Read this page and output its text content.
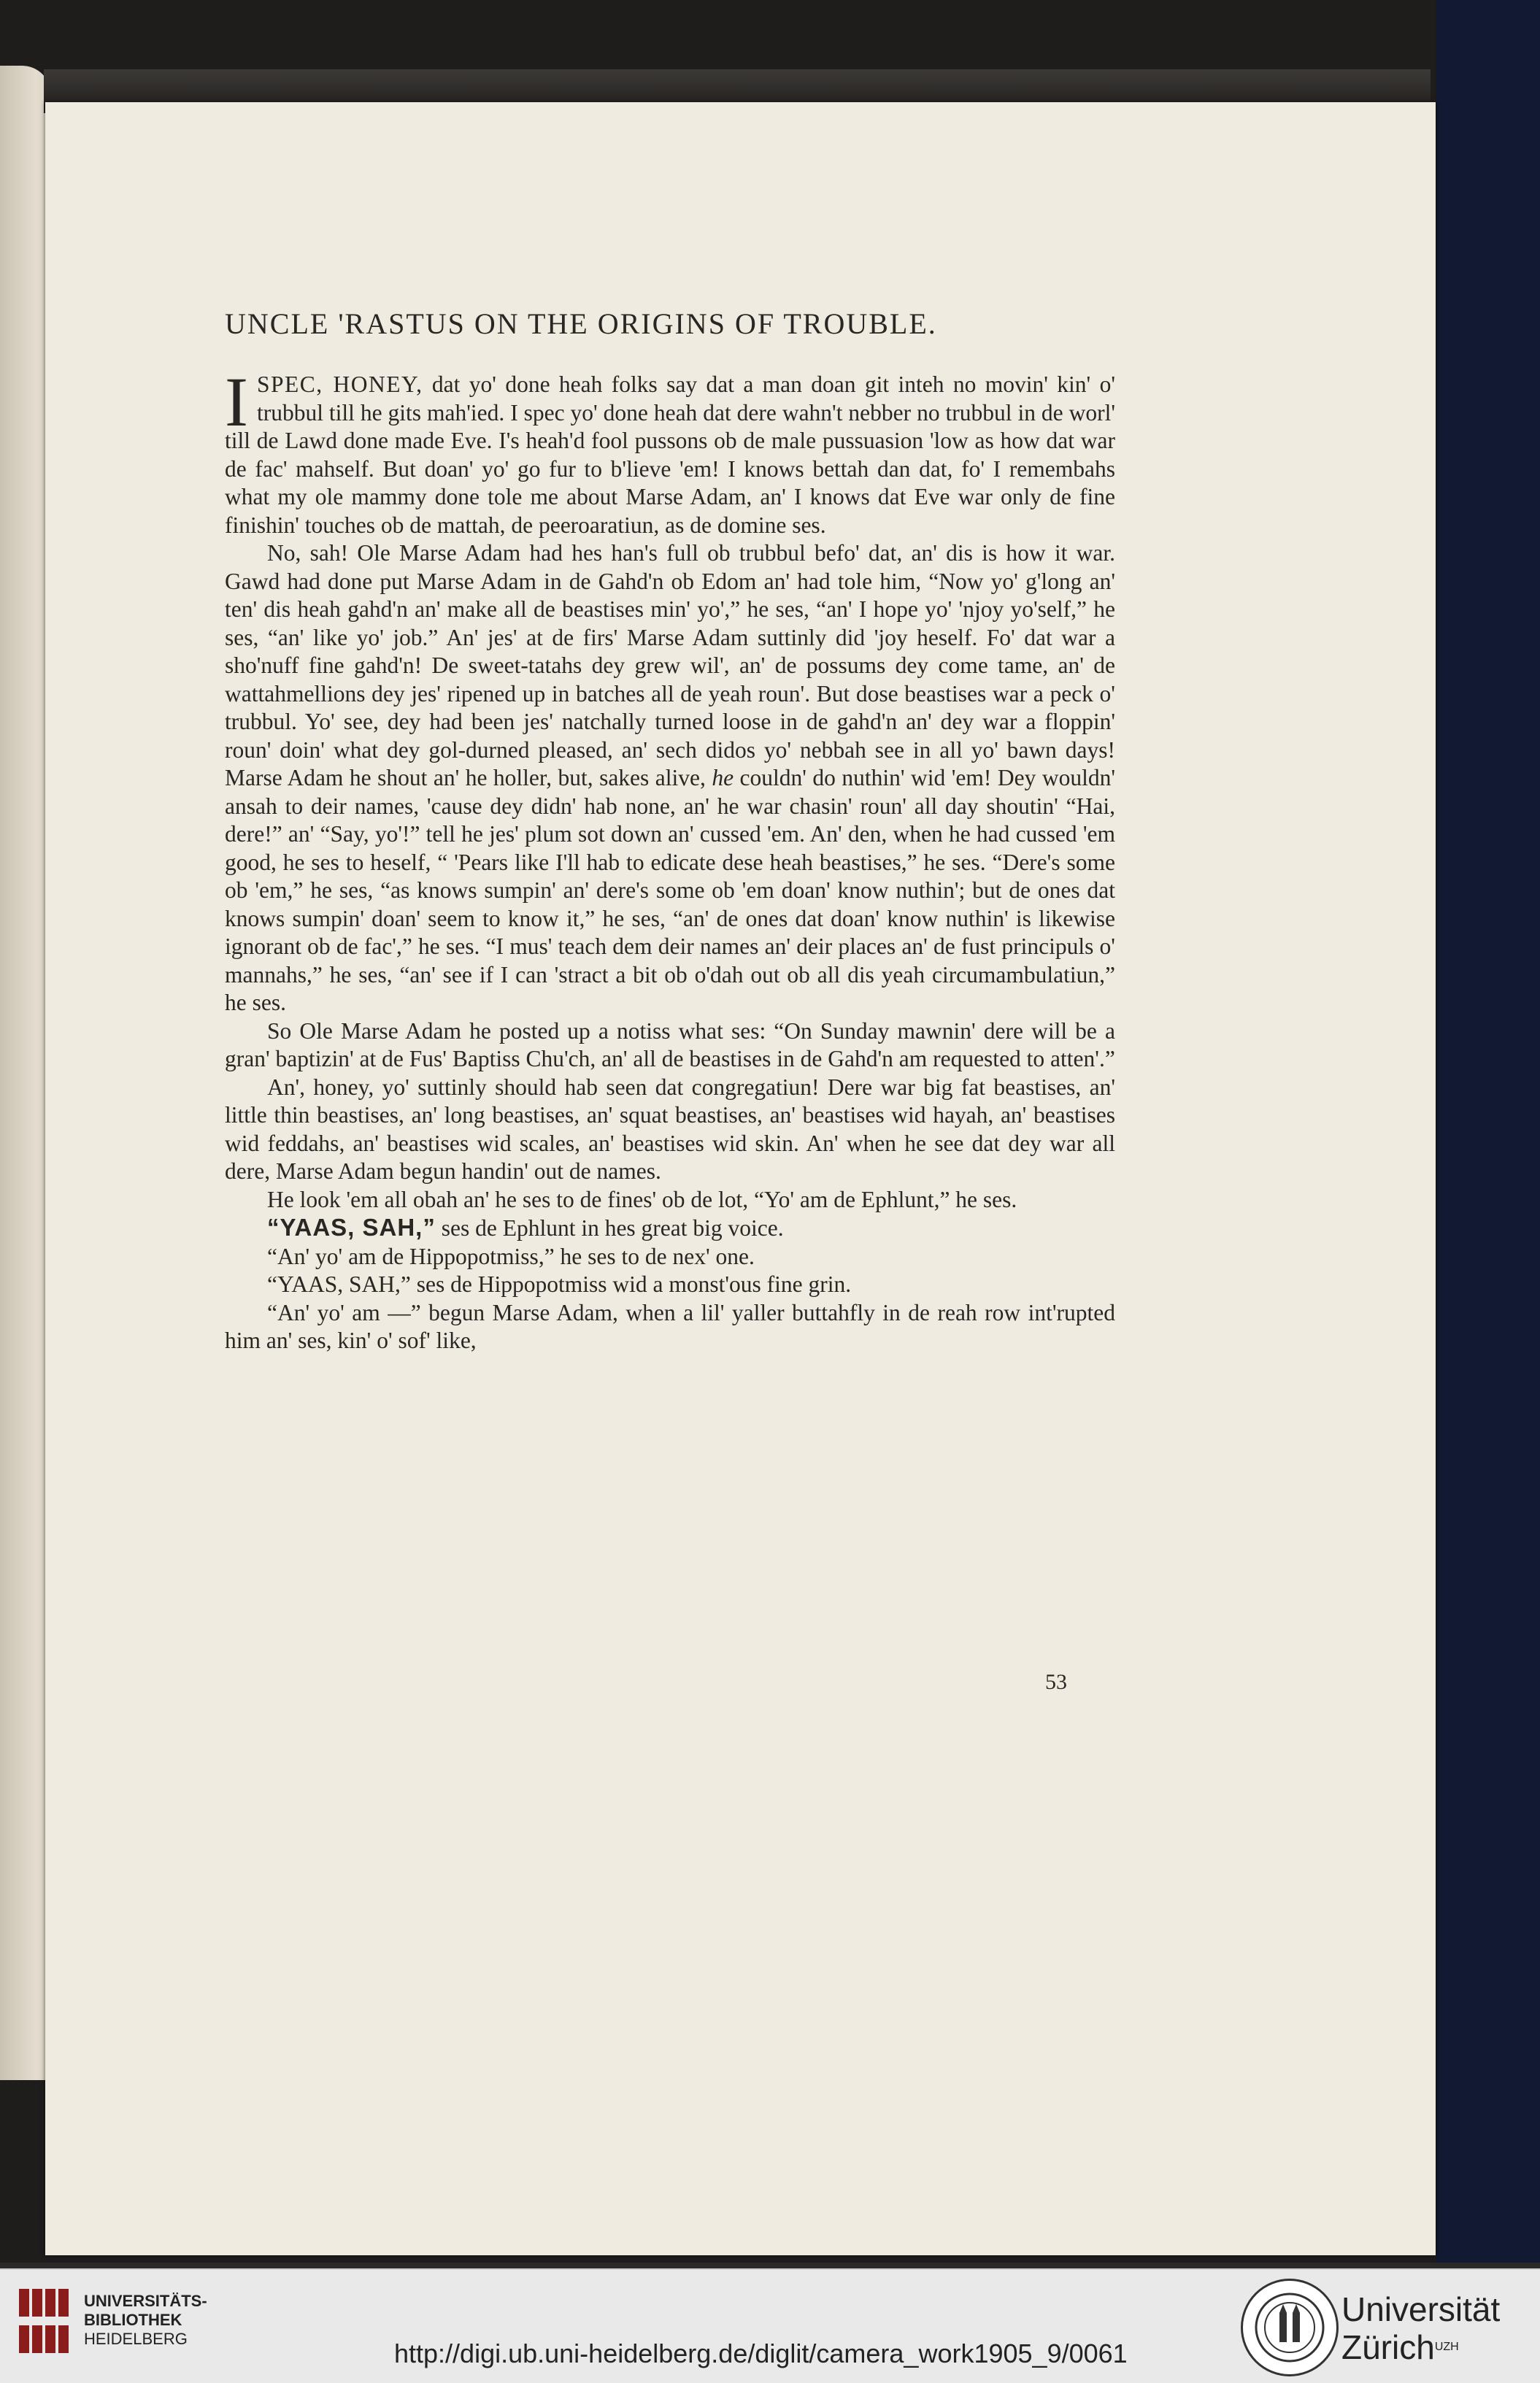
UNCLE 'RASTUS ON THE ORIGINS OF TROUBLE.

ISPEC, HONEY, dat yo' done heah folks say dat a man doan git inteh no movin' kin' o' trubbul till he gits mah'ied. I spec yo' done heah dat dere wahn't nebber no trubbul in de worl' till de Lawd done made Eve. I's heah'd fool pussons ob de male pussuasion 'low as how dat war de fac' mahself. But doan' yo' go fur to b'lieve 'em! I knows bettah dan dat, fo' I remembahs what my ole mammy done tole me about Marse Adam, an' I knows dat Eve war only de fine finishin' touches ob de mattah, de peeroaratiun, as de domine ses.

No, sah! Ole Marse Adam had hes han's full ob trubbul befo' dat, an' dis is how it war. Gawd had done put Marse Adam in de Gahd'n ob Edom an' had tole him, “Now yo' g'long an' ten' dis heah gahd'n an' make all de beastises min' yo',” he ses, “an' I hope yo' 'njoy yo'self,” he ses, “an' like yo' job.” An' jes' at de firs' Marse Adam suttinly did 'joy heself. Fo' dat war a sho'nuff fine gahd'n! De sweet-tatahs dey grew wil', an' de possums dey come tame, an' de wattahmellions dey jes' ripened up in batches all de yeah roun'. But dose beastises war a peck o' trubbul. Yo' see, dey had been jes' natchally turned loose in de gahd'n an' dey war a floppin' roun' doin' what dey gol-durned pleased, an' sech didos yo' nebbah see in all yo' bawn days! Marse Adam he shout an' he holler, but, sakes alive, he couldn' do nuthin' wid 'em! Dey wouldn' ansah to deir names, 'cause dey didn' hab none, an' he war chasin' roun' all day shoutin' “Hai, dere!” an' “Say, yo'!” tell he jes' plum sot down an' cussed 'em. An' den, when he had cussed 'em good, he ses to heself, “ 'Pears like I'll hab to edicate dese heah beastises,” he ses. “Dere's some ob 'em,” he ses, “as knows sumpin' an' dere's some ob 'em doan' know nuthin'; but de ones dat knows sumpin' doan' seem to know it,” he ses, “an' de ones dat doan' know nuthin' is likewise ignorant ob de fac',” he ses. “I mus' teach dem deir names an' deir places an' de fust principuls o' mannahs,” he ses, “an' see if I can 'stract a bit ob o'dah out ob all dis yeah circumambulatiun,” he ses.

So Ole Marse Adam he posted up a notiss what ses: “On Sunday mawnin' dere will be a gran' baptizin' at de Fus' Baptiss Chu'ch, an' all de beastises in de Gahd'n am requested to atten'.”

An', honey, yo' suttinly should hab seen dat congregatiun! Dere war big fat beastises, an' little thin beastises, an' long beastises, an' squat beastises, an' beastises wid hayah, an' beastises wid feddahs, an' beastises wid scales, an' beastises wid skin. An' when he see dat dey war all dere, Marse Adam begun handin' out de names.

He look 'em all obah an' he ses to de fines' ob de lot, “Yo' am de Ephlunt,” he ses.

“YAAS, SAH,” ses de Ephlunt in hes great big voice.

“An' yo' am de Hippopotmiss,” he ses to de nex' one.

“YAAS, SAH,” ses de Hippopotmiss wid a monst'ous fine grin.

“An' yo' am —” begun Marse Adam, when a lil' yaller buttahfly in de reah row int'rupted him an' ses, kin' o' sof' like,

53
UNIVERSITÄTS-
BIBLIOTHEK
HEIDELBERG	http://digi.ub.uni-heidelberg.de/diglit/camera_work1905_9/0061
Universität
Zürich$^{UZH}$
